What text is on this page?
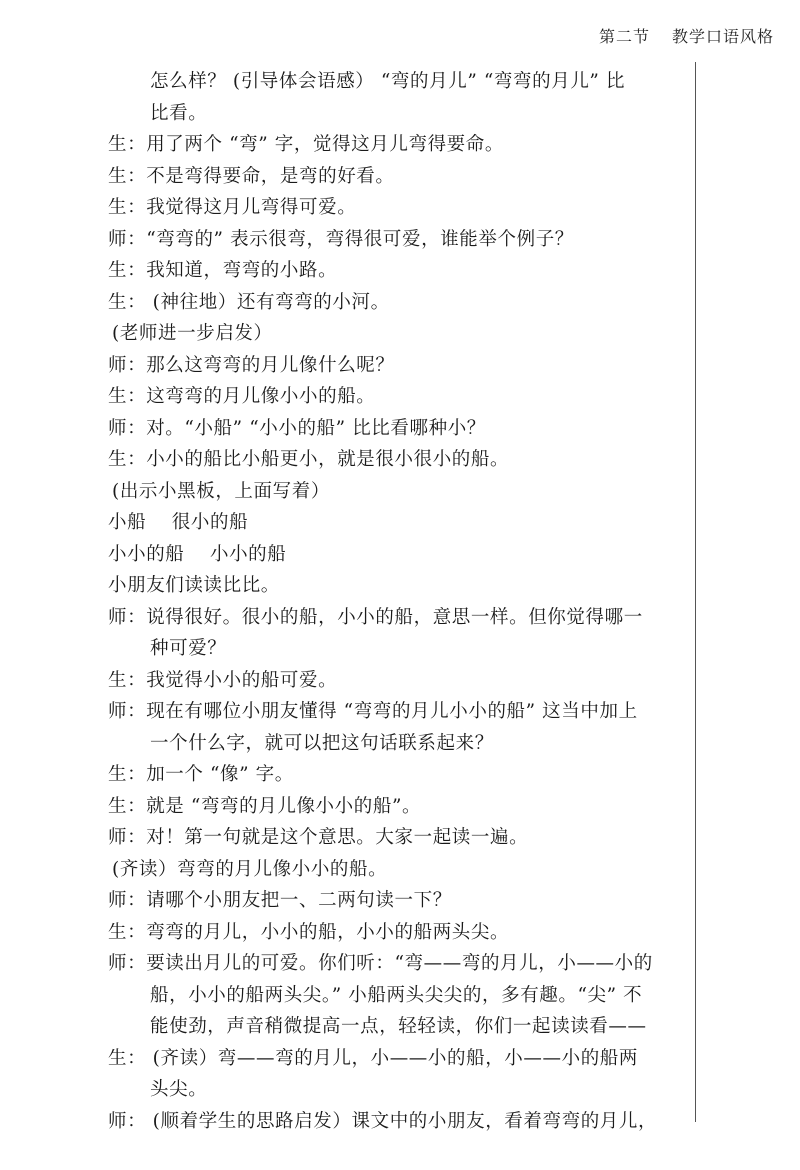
第二节 教学口语风格
怎么样？ (引导体会语感） “弯的月儿” “弯弯的月儿” 比
比看。
生：用了两个 “弯” 字，觉得这月儿弯得要命。
生：不是弯得要命，是弯的好看。
生：我觉得这月儿弯得可爱。
师：“弯弯的” 表示很弯，弯得很可爱，谁能举个例子？
生：我知道，弯弯的小路。
生： (神往地）还有弯弯的小河。
(老师进一步启发）
师：那么这弯弯的月儿像什么呢？
生：这弯弯的月儿像小小的船。
师：对。“小船” “小小的船” 比比看哪种小？
生：小小的船比小船更小，就是很小很小的船。
(出示小黑板，上面写着）
小船　 很小的船
小小的船　 小小的船
小朋友们读读比比。
师：说得很好。很小的船，小小的船，意思一样。但你觉得哪一
种可爱？
生：我觉得小小的船可爱。
师：现在有哪位小朋友懂得 “弯弯的月儿小小的船” 这当中加上
一个什么字，就可以把这句话联系起来？
生：加一个 “像” 字。
生：就是 “弯弯的月儿像小小的船”。
师：对！第一句就是这个意思。大家一起读一遍。
(齐读）弯弯的月儿像小小的船。
师：请哪个小朋友把一、二两句读一下？
生：弯弯的月儿，小小的船，小小的船两头尖。
师：要读出月儿的可爱。你们听：“弯——弯的月儿，小——小的
船，小小的船两头尖。” 小船两头尖尖的，多有趣。“尖” 不
能使劲，声音稍微提高一点，轻轻读，你们一起读读看——
生： (齐读）弯——弯的月儿，小——小的船，小——小的船两
头尖。
师： (顺着学生的思路启发）课文中的小朋友，看着弯弯的月儿，
